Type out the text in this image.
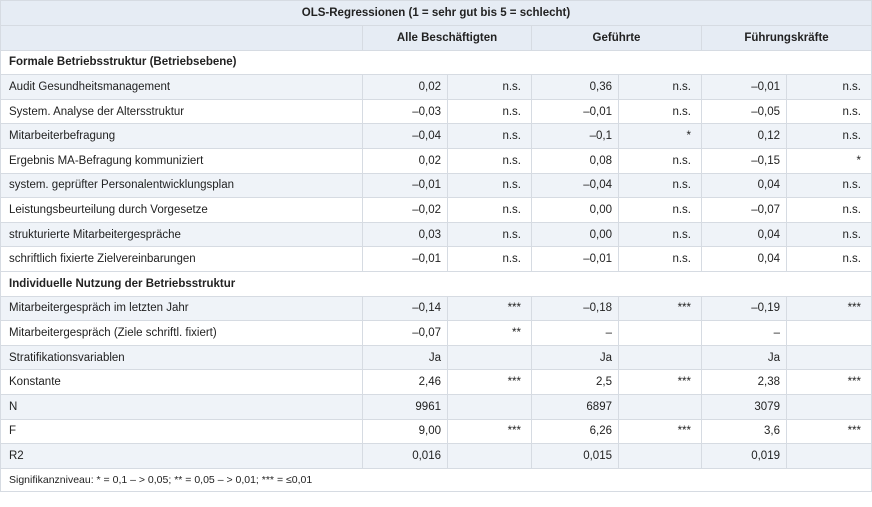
OLS-Regressionen (1 = sehr gut bis 5 = schlecht)						
	Alle Beschäftigten		Geführte		Führungskräfte	
Formale Betriebsstruktur (Betriebsebene)						
Audit Gesundheitsmanagement	0,02	n.s.	0,36	n.s.	–0,01	n.s.
System. Analyse der Altersstruktur	–0,03	n.s.	–0,01	n.s.	–0,05	n.s.
Mitarbeiterbefragung	–0,04	n.s.	–0,1	*	0,12	n.s.
Ergebnis MA-Befragung kommuniziert	0,02	n.s.	0,08	n.s.	–0,15	*
system. geprüfter Personalentwicklungsplan	–0,01	n.s.	–0,04	n.s.	0,04	n.s.
Leistungsbeurteilung durch Vorgesetze	–0,02	n.s.	0,00	n.s.	–0,07	n.s.
strukturierte Mitarbeitergespräche	0,03	n.s.	0,00	n.s.	0,04	n.s.
schriftlich fixierte Zielvereinbarungen	–0,01	n.s.	–0,01	n.s.	0,04	n.s.
Individuelle Nutzung der Betriebsstruktur						
Mitarbeitergespräch im letzten Jahr	–0,14	***	–0,18	***	–0,19	***
Mitarbeitergespräch (Ziele schriftl. fixiert)	–0,07	**	–		–	
Stratifikationsvariablen	Ja		Ja		Ja	
Konstante	2,46	***	2,5	***	2,38	***
N	9961		6897		3079	
F	9,00	***	6,26	***	3,6	***
R2	0,016		0,015		0,019	
Signifikanzniveau: * = 0,1 – > 0,05; ** = 0,05 – > 0,01; *** = ≤0,01						
